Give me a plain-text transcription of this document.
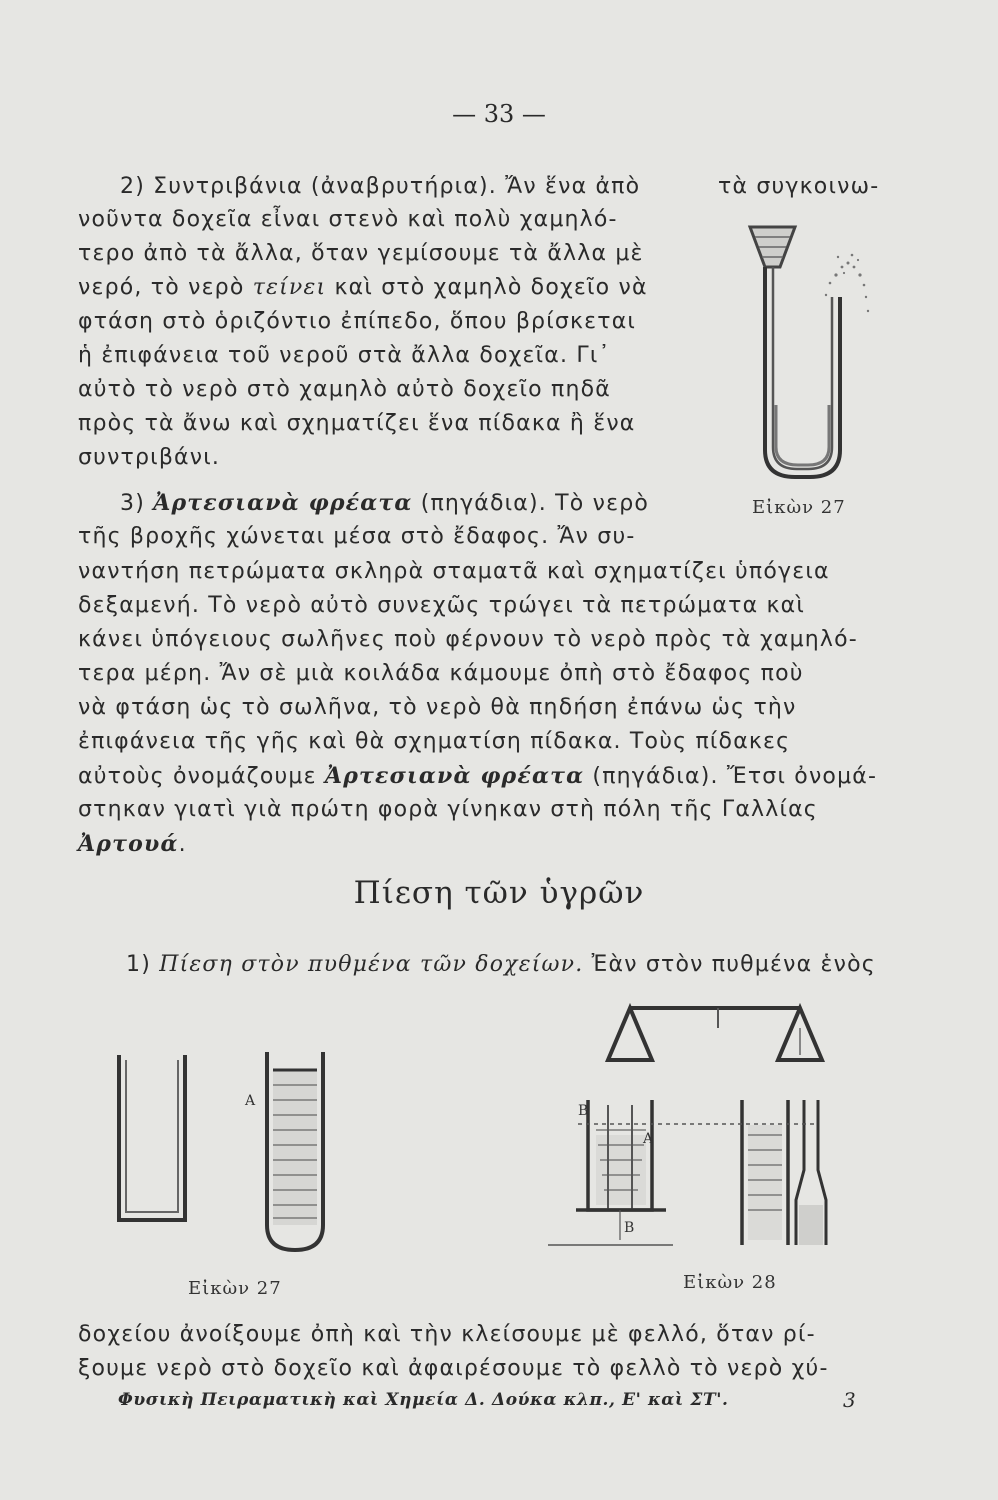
— 33 —
2) Συντριβάνια (ἀναβρυτήρια). Ἄν ἕνα ἀπὸ	τὰ συγκοινω-
νοῦντα δοχεῖα εἶναι στενὸ καὶ πολὺ χαμηλό-
τερο ἀπὸ τὰ ἄλλα, ὅταν γεμίσουμε τὰ ἄλλα μὲ
νερό, τὸ νερὸ τείνει καὶ στὸ χαμηλὸ δοχεῖο νὰ
φτάση στὸ ὁριζόντιο ἐπίπεδο, ὅπου βρίσκεται
ἡ ἐπιφάνεια τοῦ νεροῦ στὰ ἄλλα δοχεῖα. Γι᾿
αὐτὸ τὸ νερὸ στὸ χαμηλὸ αὐτὸ δοχεῖο πηδᾶ
πρὸς τὰ ἄνω καὶ σχηματίζει ἕνα πίδακα ἢ ἕνα
συντριβάνι.
3) Ἀρτεσιανὰ φρέατα (πηγάδια). Τὸ νερὸ
τῆς βροχῆς χώνεται μέσα στὸ ἔδαφος. Ἄν συ-
ναντήση πετρώματα σκληρὰ σταματᾶ καὶ σχηματίζει ὑπόγεια
δεξαμενή. Τὸ νερὸ αὐτὸ συνεχῶς τρώγει τὰ πετρώματα καὶ
κάνει ὑπόγειους σωλῆνες ποὺ φέρνουν τὸ νερὸ πρὸς τὰ χαμηλό-
τερα μέρη. Ἄν σὲ μιὰ κοιλάδα κάμουμε ὀπὴ στὸ ἔδαφος ποὺ
νὰ φτάση ὡς τὸ σωλῆνα, τὸ νερὸ θὰ πηδήση ἐπάνω ὡς τὴν
ἐπιφάνεια τῆς γῆς καὶ θὰ σχηματίση πίδακα. Τοὺς πίδακες
αὐτοὺς ὀνομάζουμε Ἀρτεσιανὰ φρέατα (πηγάδια). Ἔτσι ὀνομά-
στηκαν γιατὶ γιὰ πρώτη φορὰ γίνηκαν στὴ πόλη τῆς Γαλλίας
Ἀρτουά.
Εἰκὼν 27
Πίεση τῶν ὑγρῶν
1) Πίεση στὸν πυθμένα τῶν δοχείων. Ἐὰν στὸν πυθμένα ἑνὸς
Α
Εἰκὼν 27
Α
Β
Β
Εἰκὼν 28
δοχείου ἀνοίξουμε ὀπὴ καὶ τὴν κλείσουμε μὲ φελλό, ὅταν ρί-
ξουμε νερὸ στὸ δοχεῖο καὶ ἀφαιρέσουμε τὸ φελλὸ τὸ νερὸ χύ-
Φυσικὴ Πειραματικὴ καὶ Χημεία Δ. Δούκα κλπ., Ε' καὶ ΣΤ'.	3
